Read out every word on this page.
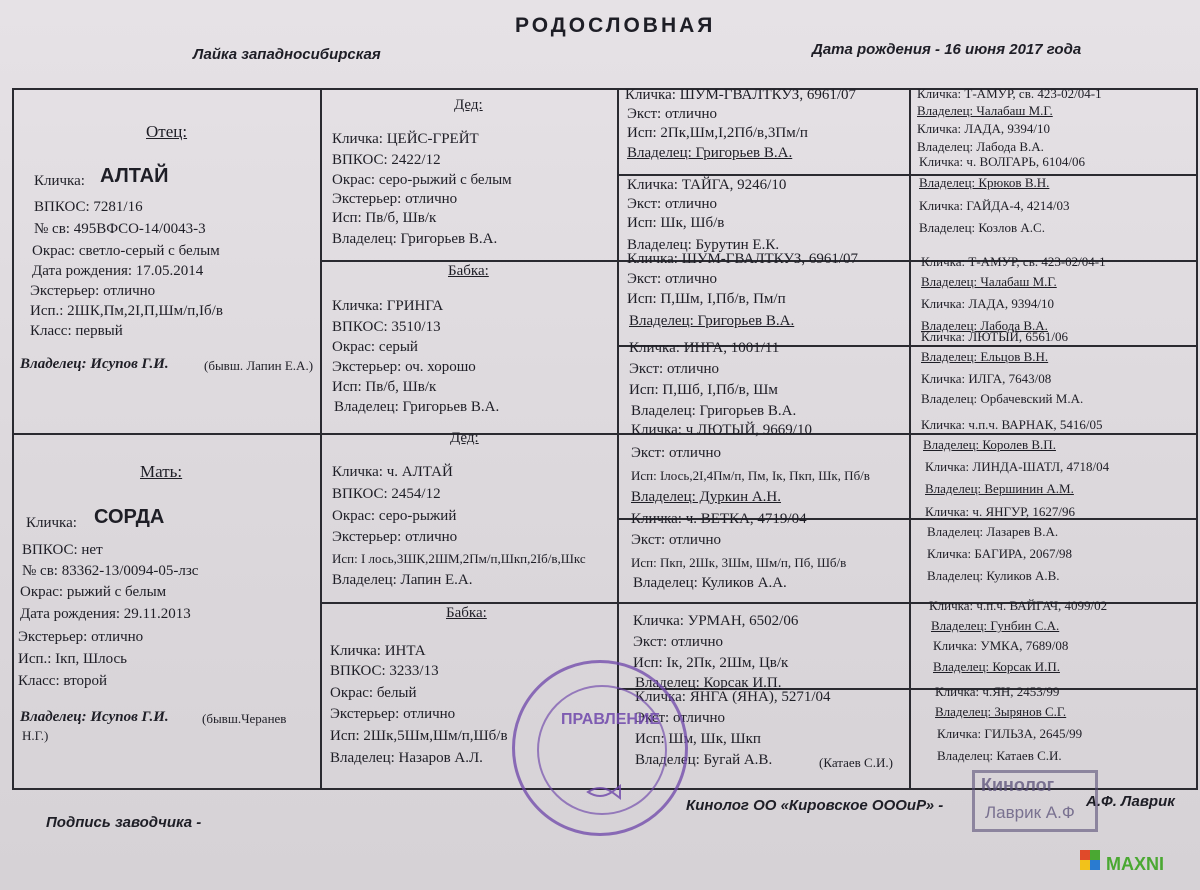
РОДОСЛОВНАЯ
Лайка западносибирская	Дата рождения - 16 июня 2017 года
Отец:
Кличка: АЛТАЙ
ВПКОС: 7281/16
№ св: 495ВФСО-14/0043-3
Окрас: светло-серый с белым
Дата рождения: 17.05.2014
Экстерьер: отлично
Исп.: 2ШК,Пм,2І,П,Шм/п,Іб/в
Класс: первый
Владелец: Исупов Г.И.	(бывш. Лапин Е.А.)
Мать:
Кличка: СОРДА
ВПКОС: нет
№ св: 83362-13/0094-05-лзс
Окрас: рыжий с белым
Дата рождения: 29.11.2013
Экстерьер: отлично
Исп.: Ікп, Шлось
Класс: второй
Владелец: Исупов Г.И.	(бывш.Черанев
Н.Г.)
Дед:
Кличка: ЦЕЙС-ГРЕЙТ
ВПКОС: 2422/12
Окрас: серо-рыжий с белым
Экстерьер: отлично
Исп: Пв/б, Шв/к
Владелец: Григорьев В.А.
Бабка:
Кличка: ГРИНГА
ВПКОС: 3510/13
Окрас: серый
Экстерьер: оч. хорошо
Исп: Пв/б, Шв/к
Владелец: Григорьев В.А.
Дед:
Кличка: ч. АЛТАЙ
ВПКОС: 2454/12
Окрас: серо-рыжий
Экстерьер: отлично
Исп: I лось,3ШК,2ШМ,2Пм/п,Шкп,2Іб/в,Шкс
Владелец: Лапин Е.А.
Бабка:
Кличка: ИНТА
ВПКОС: 3233/13
Окрас: белый
Экстерьер: отлично
Исп: 2Шк,5Шм,Шм/п,Шб/в
Владелец: Назаров А.Л.
Кличка: ШУМ-ГВАЛТКУЗ, 6961/07
Экст: отлично
Исп: 2Пк,Шм,І,2Пб/в,3Пм/п
Владелец: Григорьев В.А.
Кличка: ТАЙГА, 9246/10
Экст: отлично
Исп: Шк, Шб/в
Владелец: Бурутин Е.К.
Кличка: ШУМ-ГВАЛТКУЗ, 6961/07
Экст: отлично
Исп: П,Шм, І,Пб/в, Пм/п
Владелец: Григорьев В.А.
Кличка: ИНГА, 1001/11
Экст: отлично
Исп: П,Шб, І,Пб/в, Шм
Владелец: Григорьев В.А.
Кличка: ч ЛЮТЫЙ, 9669/10
Экст: отлично
Исп: Ілось,2І,4Пм/п, Пм, Ік, Пкп, Шк, Пб/в
Владелец: Дуркин А.Н.
Кличка: ч. ВЕТКА, 4719/04
Экст: отлично
Исп: Пкп, 2Шк, 3Шм, Шм/п, Пб, Шб/в
Владелец: Куликов А.А.
Кличка: УРМАН, 6502/06
Экст: отлично
Исп: Ік, 2Пк, 2Шм, Цв/к
Владелец: Корсак И.П.
Кличка: ЯНГА (ЯНА), 5271/04
Экст: отлично
Исп: Шм, Шк, Шкп
Владелец: Бугай А.В.	(Катаев С.И.)
Кличка: Т-АМУР, св. 423-02/04-1
Владелец: Чалабаш М.Г.
Кличка: ЛАДА, 9394/10
Владелец: Лабода В.А.
Кличка: ч. ВОЛГАРЬ, 6104/06
Владелец: Крюков В.Н.
Кличка: ГАЙДА-4, 4214/03
Владелец: Козлов А.С.
Кличка: Т-АМУР, св. 423-02/04-1
Владелец: Чалабаш М.Г.
Кличка: ЛАДА, 9394/10
Владелец: Лабода В.А.
Кличка: ЛЮТЫЙ, 6561/06
Владелец: Ельцов В.Н.
Кличка: ИЛГА, 7643/08
Владелец: Орбачевский М.А.
Кличка: ч.п.ч. ВАРНАК, 5416/05
Владелец: Королев В.П.
Кличка: ЛИНДА-ШАТЛ, 4718/04
Владелец: Вершинин А.М.
Кличка: ч. ЯНГУР, 1627/96
Владелец: Лазарев В.А.
Кличка: БАГИРА, 2067/98
Владелец: Куликов А.В.
Кличка: ч.п.ч. ВАЙГАЧ, 4099/02
Владелец: Гунбин С.А.
Кличка: УМКА, 7689/08
Владелец: Корсак И.П.
Кличка: ч.ЯН, 2453/99
Владелец: Зырянов С.Г.
Кличка: ГИЛЬЗА, 2645/99
Владелец: Катаев С.И.
Подпись заводчика -
Кинолог ОО «Кировское ОООиР» -	А.Ф. Лаврик
ПРАВЛЕНИЕ
Кинолог
Лаврик А.Ф
MAXNI
